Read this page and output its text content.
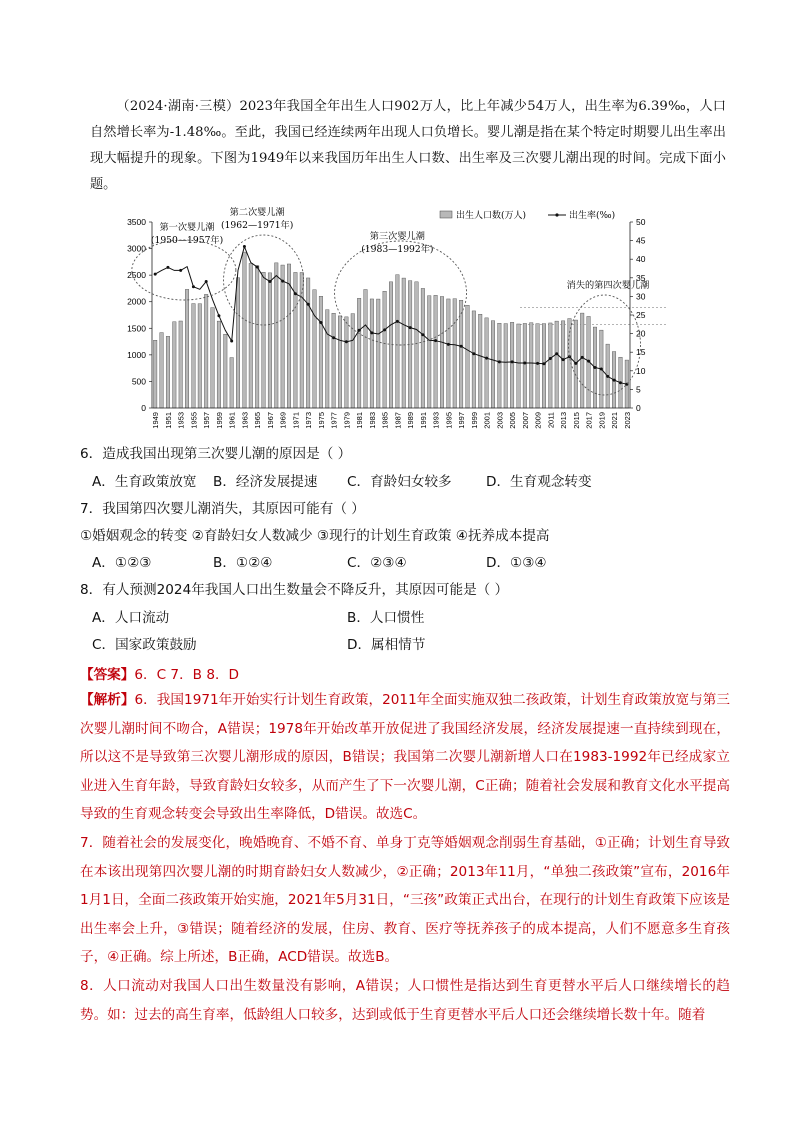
（2024·湖南·三模）2023年我国全年出生人口902万人，比上年减少54万人，出生率为6.39‰，人口自然增长率为-1.48‰。至此，我国已经连续两年出现人口负增长。婴儿潮是指在某个特定时期婴儿出生率出现大幅提升的现象。下图为1949年以来我国历年出生人口数、出生率及三次婴儿潮出现的时间。完成下面小题。

0
500
1000
1500
2000
2500
3000
3500
0
5
10
15
20
25
30
35
40
45
50
1949 1951 1953 1955 1957 1959 1961 1963 1965 1967 1969 1971 1973 1975 1977 1979 1981 1983 1985 1987 1989 1991 1993 1995 1997 1999 2001 2003 2005 2007 2009 2011 2013 2015 2017 2019 2021 2023
第一次婴儿潮
(1950—1957年)
第二次婴儿潮
(1962—1971年)
第三次婴儿潮
(1983—1992年)
消失的第四次婴儿潮
出生人口数(万人)	出生率(‰)
6．造成我国出现第三次婴儿潮的原因是（ ）
A．生育政策放宽 B．经济发展提速 C．育龄妇女较多	D．生育观念转变
7．我国第四次婴儿潮消失，其原因可能有（ ）
①婚姻观念的转变 ②育龄妇女人数减少 ③现行的计划生育政策 ④抚养成本提高
A．①②③	B．①②④	C．②③④	D．①③④
8．有人预测2024年我国人口出生数量会不降反升，其原因可能是（ ）
A．人口流动	B．人口惯性
C．国家政策鼓励	D．属相情节
【答案】6．C 7．B 8．D

【解析】6．我国1971年开始实行计划生育政策，2011年全面实施双独二孩政策，计划生育政策放宽与第三次婴儿潮时间不吻合，A错误；1978年开始改革开放促进了我国经济发展，经济发展提速一直持续到现在，所以这不是导致第三次婴儿潮形成的原因，B错误；我国第二次婴儿潮新增人口在1983-1992年已经成家立业进入生育年龄，导致育龄妇女较多，从而产生了下一次婴儿潮，C正确；随着社会发展和教育文化水平提高导致的生育观念转变会导致出生率降低，D错误。故选C。

7．随着社会的发展变化，晚婚晚育、不婚不育、单身丁克等婚姻观念削弱生育基础，①正确；计划生育导致在本该出现第四次婴儿潮的时期育龄妇女人数减少，②正确；2013年11月，“单独二孩政策”宣布，2016年1月1日，全面二孩政策开始实施，2021年5月31日，“三孩”政策正式出台，在现行的计划生育政策下应该是出生率会上升，③错误；随着经济的发展，住房、教育、医疗等抚养孩子的成本提高，人们不愿意多生育孩子，④正确。综上所述，B正确，ACD错误。故选B。

8．人口流动对我国人口出生数量没有影响，A错误；人口惯性是指达到生育更替水平后人口继续增长的趋势。如：过去的高生育率，低龄组人口较多，达到或低于生育更替水平后人口还会继续增长数十年。随着
